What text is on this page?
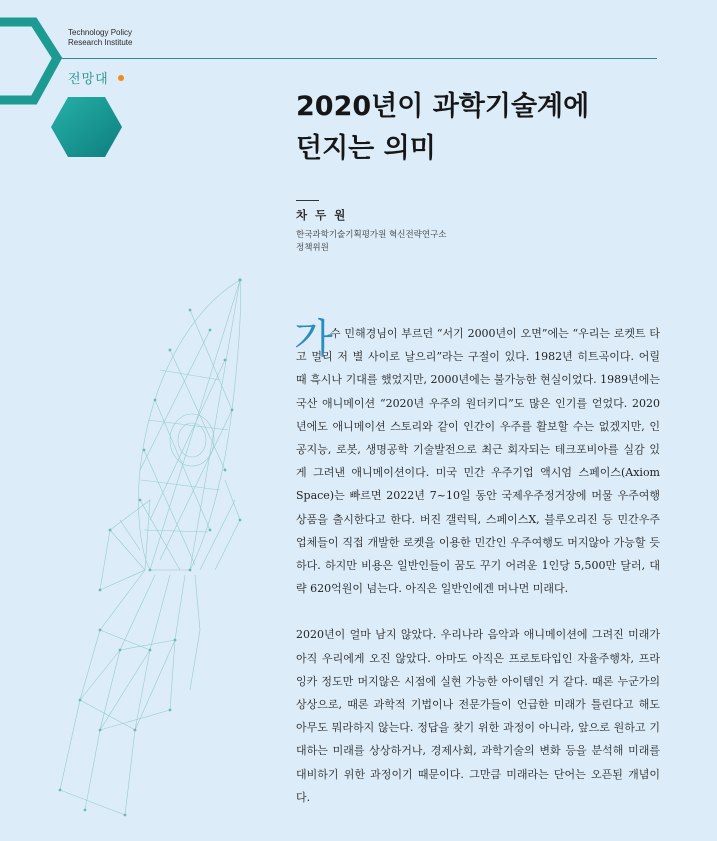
Technology Policy
Research Institute
전망대
2020년이 과학기술계에
던지는 의미
차 두 원
한국과학기술기획평가원 혁신전략연구소
정책위원
가

수 민해경님이 부르던 “서기 2000년이 오면”에는 “우리는 로켓트 타고 멀리 저 별 사이로 날으리”라는 구절이 있다. 1982년 히트곡이다. 어릴 때 흑시나 기대를 했었지만, 2000년에는 불가능한 현실이었다. 1989년에는 국산 애니메이션 “2020년 우주의 원더키디”도 많은 인기를 얻었다. 2020년에도 애니메이션 스토리와 같이 인간이 우주를 활보할 수는 없겠지만, 인공지능, 로봇, 생명공학 기술발전으로 최근 회자되는 테크포비아를 실감 있게 그려낸 애니메이션이다. 미국 민간 우주기업 액시엄 스페이스(Axiom Space)는 빠르면 2022년 7~10일 동안 국제우주정거장에 머물 우주여행상품을 출시한다고 한다. 버진 갤럭틱, 스페이스X, 블루오리진 등 민간우주업체들이 직접 개발한 로켓을 이용한 민간인 우주여행도 머지않아 가능할 듯하다. 하지만 비용은 일반인들이 꿈도 꾸기 어려운 1인당 5,500만 달러, 대략 620억원이 넘는다. 아직은 일반인에겐 머나먼 미래다.

2020년이 얼마 남지 않았다. 우리나라 음악과 애니메이션에 그려진 미래가 아직 우리에게 오진 않았다. 아마도 아직은 프로토타입인 자율주행차, 프라잉카 정도만 머지않은 시점에 실현 가능한 아이템인 거 같다. 때론 누군가의 상상으로, 때론 과학적 기법이나 전문가들이 언급한 미래가 틀린다고 해도 아무도 뭐라하지 않는다. 정답을 찾기 위한 과정이 아니라, 앞으로 원하고 기대하는 미래를 상상하거나, 경제사회, 과학기술의 변화 등을 분석해 미래를 대비하기 위한 과정이기 때문이다. 그만큼 미래라는 단어는 오픈된 개념이다.
